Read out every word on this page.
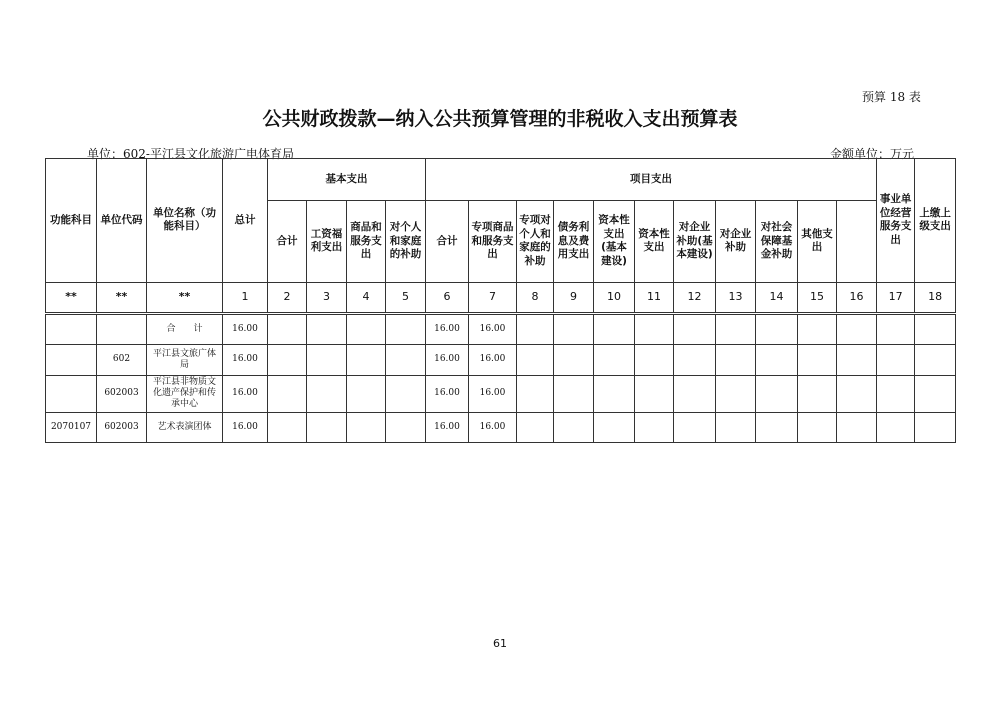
预算 18 表
公共财政拨款—纳入公共预算管理的非税收入支出预算表
单位：602-平江县文化旅游广电体育局	金额单位：万元
功能科目	单位代码	单位名称（功能科目）	总计	基本支出				项目支出											事业单位经营服务支出	上缴上级支出	
				合计	工资福利支出	商品和服务支出	对个人和家庭的补助	合计	专项商品和服务支出	专项对个人和家庭的补助	债务利息及费用支出	资本性支出(基本建设)	资本性支出	对企业补助(基本建设)	对企业补助	对社会保障基金补助	其他支出				
**	**	**	1	2	3	4	5	6	7	8	9	10	11	12	13	14	15	16	17	18	

		合　　计	16.00					16.00	16.00												
	602	平江县文旅广体局	16.00					16.00	16.00												
	602003	平江县非物质文化遗产保护和传承中心	16.00					16.00	16.00												
2070107	602003	艺术表演团体	16.00					16.00	16.00												
61
